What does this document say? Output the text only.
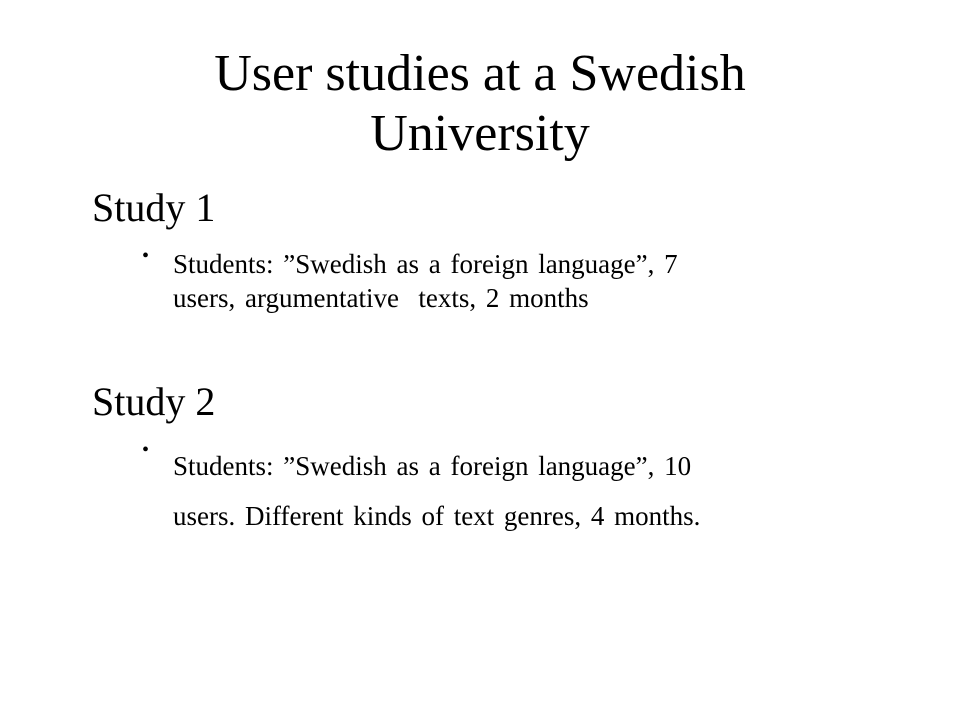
User studies at a Swedish
University
Study 1
• Students: ”Swedish as a foreign language”, 7
users, argumentative  texts, 2 months
Study 2
•
Students: ”Swedish as a foreign language”, 10
users. Different kinds of text genres, 4 months.
